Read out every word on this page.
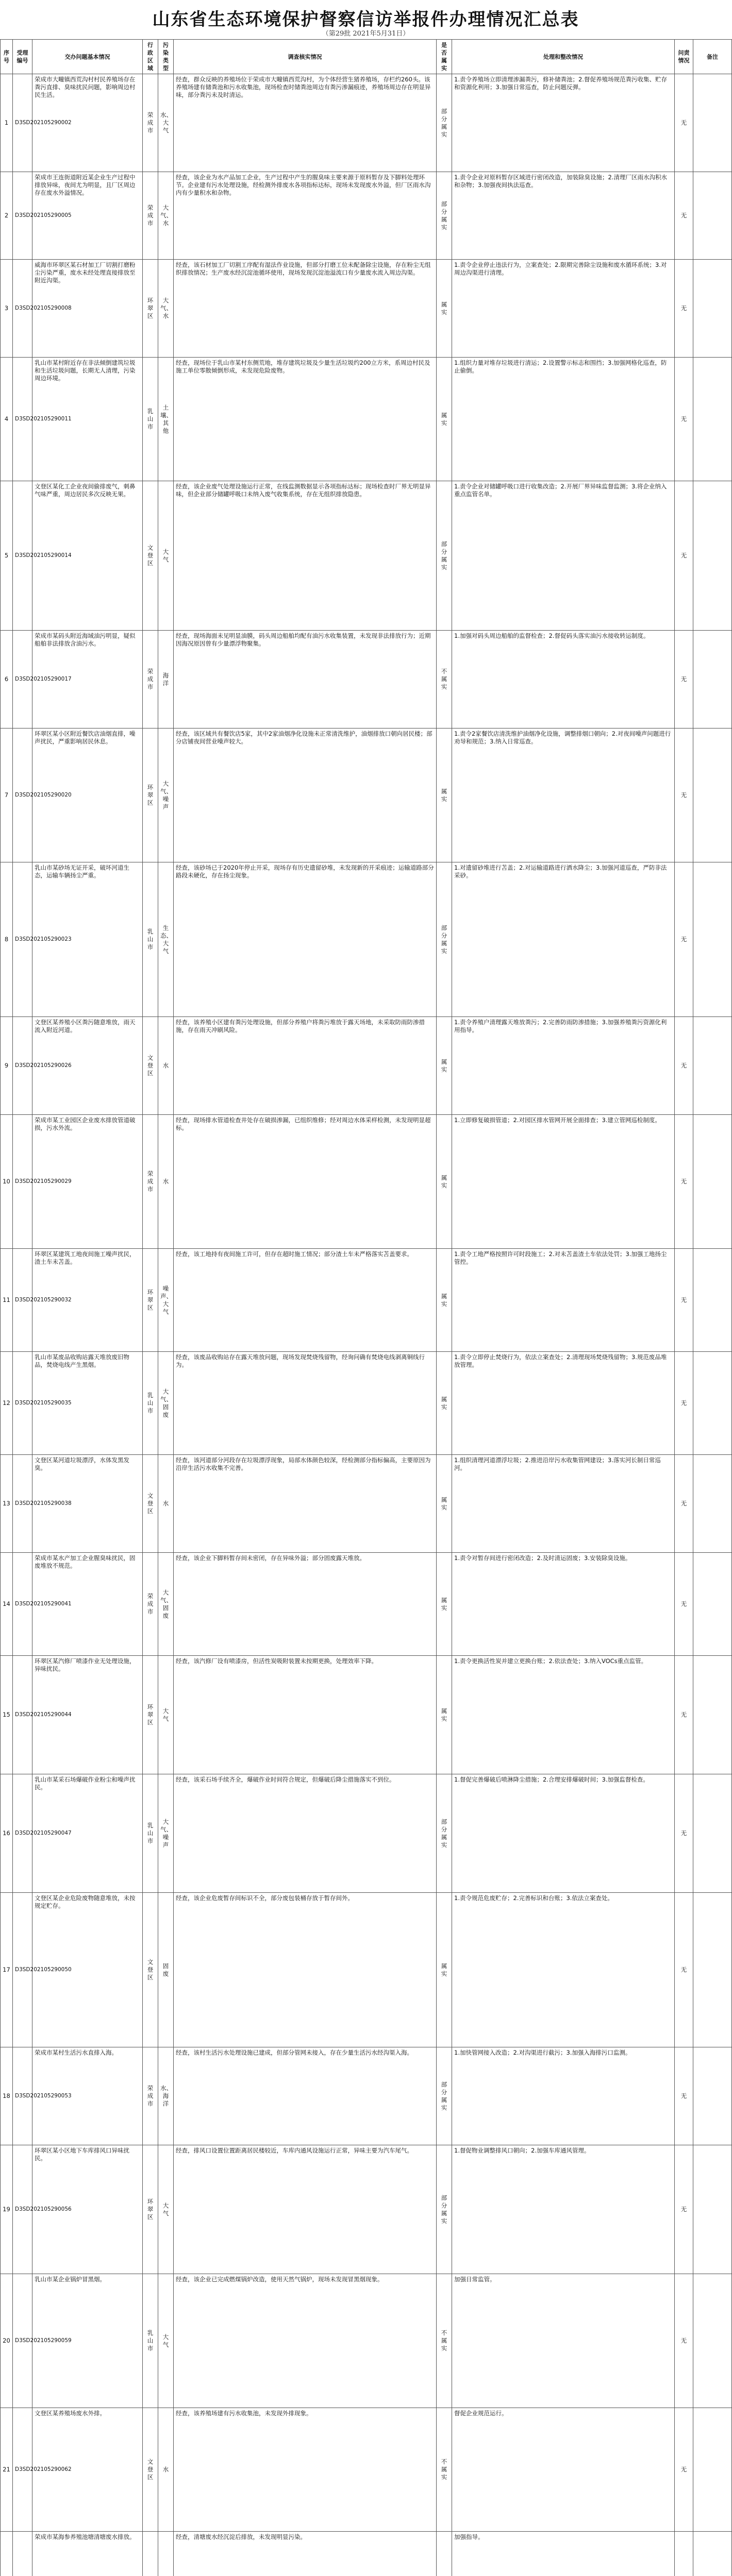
山东省生态环境保护督察信访举报件办理情况汇总表
（第29批 2021年5月31日）
序号	受理编号	交办问题基本情况	行政区域	污染类型	调查核实情况	是否属实	处理和整改情况	问责情况	备注
1	D3SD202105290002	荣成市大疃镇西荒沟村村民养殖场存在粪污直排、臭味扰民问题，影响周边村民生活。	荣成市	水、大气	经查，群众反映的养殖场位于荣成市大疃镇西荒沟村，为个体经营生猪养殖场，存栏约260头。该养殖场建有储粪池和污水收集池，现场检查时储粪池周边有粪污渗漏痕迹，养殖场周边存在明显异味，部分粪污未及时清运。	部分属实	1.责令养殖场立即清理渗漏粪污，修补储粪池；2.督促养殖场规范粪污收集、贮存和资源化利用；3.加强日常巡查，防止问题反弹。	无	
2	D3SD202105290005	荣成市王连街道附近某企业生产过程中排放异味，夜间尤为明显，且厂区周边存在废水外溢情况。	荣成市	大气、水	经查，该企业为水产品加工企业，生产过程中产生的腥臭味主要来源于原料暂存及下脚料处理环节。企业建有污水处理设施，经检测外排废水各项指标达标，现场未发现废水外溢，但厂区雨水沟内有少量积水和杂物。	部分属实	1.责令企业对原料暂存区域进行密闭改造，加装除臭设施；2.清理厂区雨水沟积水和杂物；3.加强夜间执法巡查。	无	
3	D3SD202105290008	威海市环翠区某石材加工厂切割打磨粉尘污染严重，废水未经处理直接排放至附近沟渠。	环翠区	大气、水	经查，该石材加工厂切割工序配有湿法作业设施，但部分打磨工位未配备除尘设施，存在粉尘无组织排放情况；生产废水经沉淀池循环使用，现场发现沉淀池溢流口有少量废水流入周边沟渠。	属实	1.责令企业停止违法行为，立案查处；2.限期完善除尘设施和废水循环系统；3.对周边沟渠进行清理。	无	
4	D3SD202105290011	乳山市某村附近存在非法倾倒建筑垃圾和生活垃圾问题，长期无人清理，污染周边环境。	乳山市	土壤、其他	经查，现场位于乳山市某村东侧荒地，堆存建筑垃圾及少量生活垃圾约200立方米，系周边村民及施工单位零散倾倒形成，未发现危险废物。	属实	1.组织力量对堆存垃圾进行清运；2.设置警示标志和围挡；3.加强网格化巡查，防止偷倒。	无	
5	D3SD202105290014	文登区某化工企业夜间偷排废气，刺鼻气味严重，周边居民多次反映无果。	文登区	大气	经查，该企业废气处理设施运行正常，在线监测数据显示各项指标达标；现场检查时厂界无明显异味，但企业部分储罐呼吸口未纳入废气收集系统，存在无组织排放隐患。	部分属实	1.责令企业对储罐呼吸口进行收集改造；2.开展厂界异味监督监测；3.将企业纳入重点监管名单。	无	
6	D3SD202105290017	荣成市某码头附近海域油污明显，疑似船舶非法排放含油污水。	荣成市	海洋	经查，现场海面未见明显油膜，码头周边船舶均配有油污水收集装置，未发现非法排放行为；近期因海况原因曾有少量漂浮物聚集。	不属实	1.加强对码头周边船舶的监督检查；2.督促码头落实油污水接收转运制度。	无	
7	D3SD202105290020	环翠区某小区附近餐饮店油烟直排，噪声扰民，严重影响居民休息。	环翠区	大气、噪声	经查，该区域共有餐饮店5家，其中2家油烟净化设施未正常清洗维护，油烟排放口朝向居民楼；部分店铺夜间营业噪声较大。	属实	1.责令2家餐饮店清洗维护油烟净化设施，调整排烟口朝向；2.对夜间噪声问题进行劝导和规范；3.纳入日常巡查。	无	
8	D3SD202105290023	乳山市某砂场无证开采，破坏河道生态，运输车辆扬尘严重。	乳山市	生态、大气	经查，该砂场已于2020年停止开采，现场存有历史遗留砂堆，未发现新的开采痕迹；运输道路部分路段未硬化，存在扬尘现象。	部分属实	1.对遗留砂堆进行苫盖；2.对运输道路进行洒水降尘；3.加强河道巡查，严防非法采砂。	无	
9	D3SD202105290026	文登区某养殖小区粪污随意堆放，雨天流入附近河道。	文登区	水	经查，该养殖小区建有粪污处理设施，但部分养殖户将粪污堆放于露天场地，未采取防雨防渗措施，存在雨天冲刷风险。	属实	1.责令养殖户清理露天堆放粪污；2.完善防雨防渗措施；3.加强养殖粪污资源化利用指导。	无	
10	D3SD202105290029	荣成市某工业园区企业废水排放管道破损，污水外流。	荣成市	水	经查，现场排水管道检查井处存在破损渗漏，已组织维修；经对周边水体采样检测，未发现明显超标。	属实	1.立即修复破损管道；2.对园区排水管网开展全面排查；3.建立管网巡检制度。	无	
11	D3SD202105290032	环翠区某建筑工地夜间施工噪声扰民，渣土车未苫盖。	环翠区	噪声、大气	经查，该工地持有夜间施工许可，但存在超时施工情况；部分渣土车未严格落实苫盖要求。	属实	1.责令工地严格按照许可时段施工；2.对未苫盖渣土车依法处罚；3.加强工地扬尘管控。	无	
12	D3SD202105290035	乳山市某废品收购站露天堆放废旧物品，焚烧电线产生黑烟。	乳山市	大气、固废	经查，该废品收购站存在露天堆放问题，现场发现焚烧残留物，经询问确有焚烧电线剥离铜线行为。	属实	1.责令立即停止焚烧行为，依法立案查处；2.清理现场焚烧残留物；3.规范废品堆放管理。	无	
13	D3SD202105290038	文登区某河道垃圾漂浮，水体发黑发臭。	文登区	水	经查，该河道部分河段存在垃圾漂浮现象，局部水体颜色较深，经检测部分指标偏高，主要原因为沿岸生活污水收集不完善。	属实	1.组织清理河道漂浮垃圾；2.推进沿岸污水收集管网建设；3.落实河长制日常巡河。	无	
14	D3SD202105290041	荣成市某水产加工企业腥臭味扰民，固废堆放不规范。	荣成市	大气、固废	经查，该企业下脚料暂存间未密闭，存在异味外溢；部分固废露天堆放。	属实	1.责令对暂存间进行密闭改造；2.及时清运固废；3.安装除臭设施。	无	
15	D3SD202105290044	环翠区某汽修厂喷漆作业无处理设施，异味扰民。	环翠区	大气	经查，该汽修厂设有喷漆房，但活性炭吸附装置未按期更换，处理效率下降。	属实	1.责令更换活性炭并建立更换台账；2.依法查处；3.纳入VOCs重点监管。	无	
16	D3SD202105290047	乳山市某采石场爆破作业粉尘和噪声扰民。	乳山市	大气、噪声	经查，该采石场手续齐全，爆破作业时间符合规定，但爆破后降尘措施落实不到位。	部分属实	1.督促完善爆破后喷淋降尘措施；2.合理安排爆破时间；3.加强监督检查。	无	
17	D3SD202105290050	文登区某企业危险废物随意堆放，未按规定贮存。	文登区	固废	经查，该企业危废暂存间标识不全，部分废包装桶存放于暂存间外。	属实	1.责令规范危废贮存；2.完善标识和台账；3.依法立案查处。	无	
18	D3SD202105290053	荣成市某村生活污水直排入海。	荣成市	水、海洋	经查，该村生活污水处理设施已建成，但部分管网未接入，存在少量生活污水经沟渠入海。	部分属实	1.加快管网接入改造；2.对沟渠进行截污；3.加强入海排污口监测。	无	
19	D3SD202105290056	环翠区某小区地下车库排风口异味扰民。	环翠区	大气	经查，排风口设置位置距离居民楼较近，车库内通风设施运行正常，异味主要为汽车尾气。	部分属实	1.督促物业调整排风口朝向；2.加强车库通风管理。	无	
20	D3SD202105290059	乳山市某企业锅炉冒黑烟。	乳山市	大气	经查，该企业已完成燃煤锅炉改造，使用天然气锅炉，现场未发现冒黑烟现象。	不属实	加强日常监管。	无	
21	D3SD202105290062	文登区某养殖场废水外排。	文登区	水	经查，该养殖场建有污水收集池，未发现外排现象。	不属实	督促企业规范运行。	无	
		荣成市某海参养殖池塘清塘废水排放。			经查，清塘废水经沉淀后排放，未发现明显污染。		加强指导。		
